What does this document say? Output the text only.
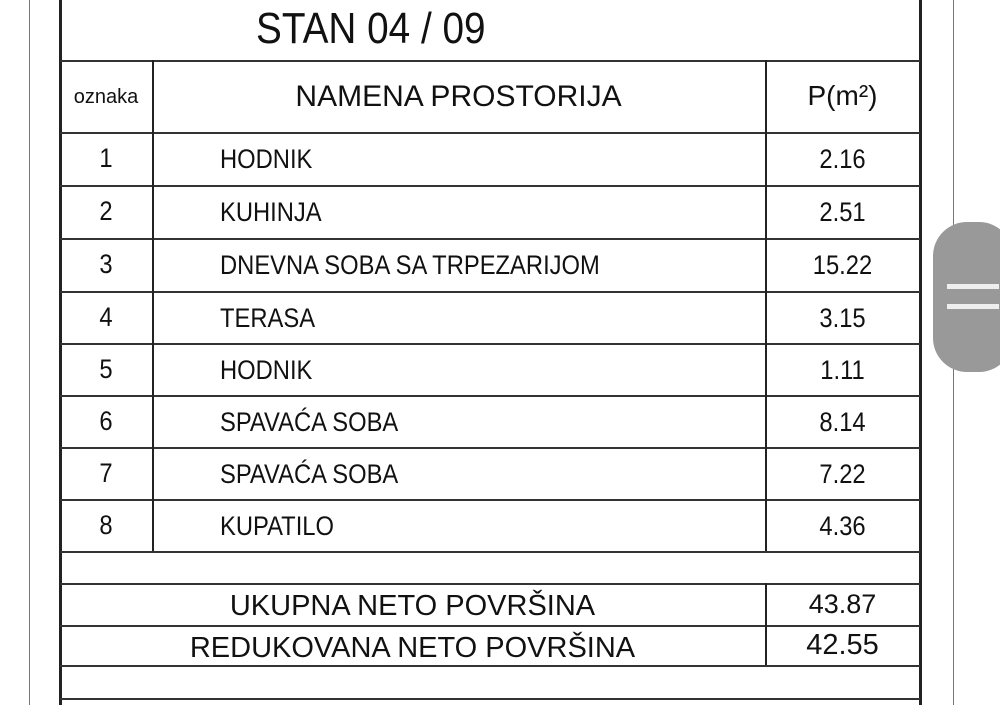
STAN 04 / 09
oznaka	NAMENA PROSTORIJA	P(m²)
1	HODNIK	2.16
2	KUHINJA	2.51
3	DNEVNA SOBA SA TRPEZARIJOM	15.22
4	TERASA	3.15
5	HODNIK	1.11
6	SPAVAĆA SOBA	8.14
7	SPAVAĆA SOBA	7.22
8	KUPATILO	4.36
UKUPNA NETO POVRŠINA	43.87
REDUKOVANA NETO POVRŠINA	42.55
